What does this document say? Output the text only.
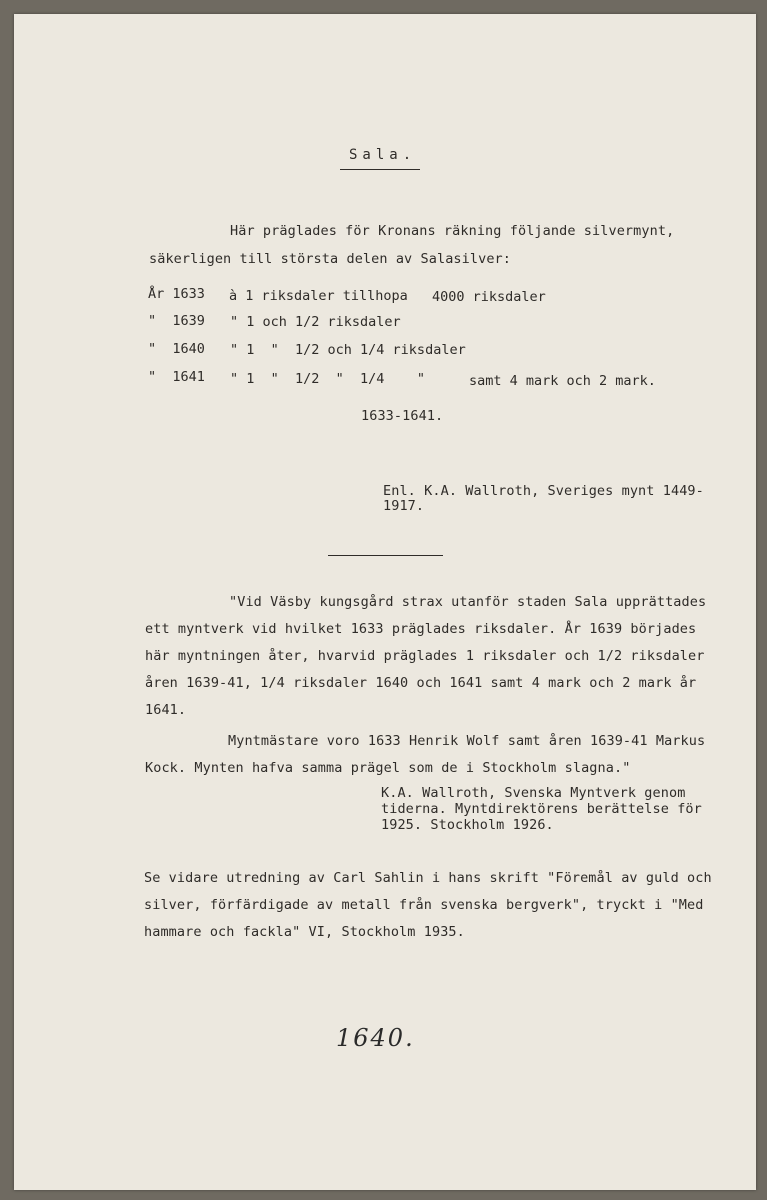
Sala.
Här präglades för Kronans räkning följande silvermynt,
säkerligen till största delen av Salasilver:
År 1633 à 1 riksdaler tillhopa 4000 riksdaler
"  1639 " 1 och 1/2 riksdaler
"  1640 " 1  "  1/2 och 1/4 riksdaler
"  1641 " 1  "  1/2  "  1/4    "	samt 4 mark och 2 mark.
1633-1641.
Enl. K.A. Wallroth, Sveriges mynt 1449-
1917.
"Vid Väsby kungsgård strax utanför staden Sala upprättades
ett myntverk vid hvilket 1633 präglades riksdaler. År 1639 börjades
här myntningen åter, hvarvid präglades 1 riksdaler och 1/2 riksdaler
åren 1639-41, 1/4 riksdaler 1640 och 1641 samt 4 mark och 2 mark år
1641.
Myntmästare voro 1633 Henrik Wolf samt åren 1639-41 Markus
Kock. Mynten hafva samma prägel som de i Stockholm slagna."
K.A. Wallroth, Svenska Myntverk genom
tiderna. Myntdirektörens berättelse för
1925. Stockholm 1926.
Se vidare utredning av Carl Sahlin i hans skrift "Föremål av guld och
silver, förfärdigade av metall från svenska bergverk", tryckt i "Med
hammare och fackla" VI, Stockholm 1935.
1640.
